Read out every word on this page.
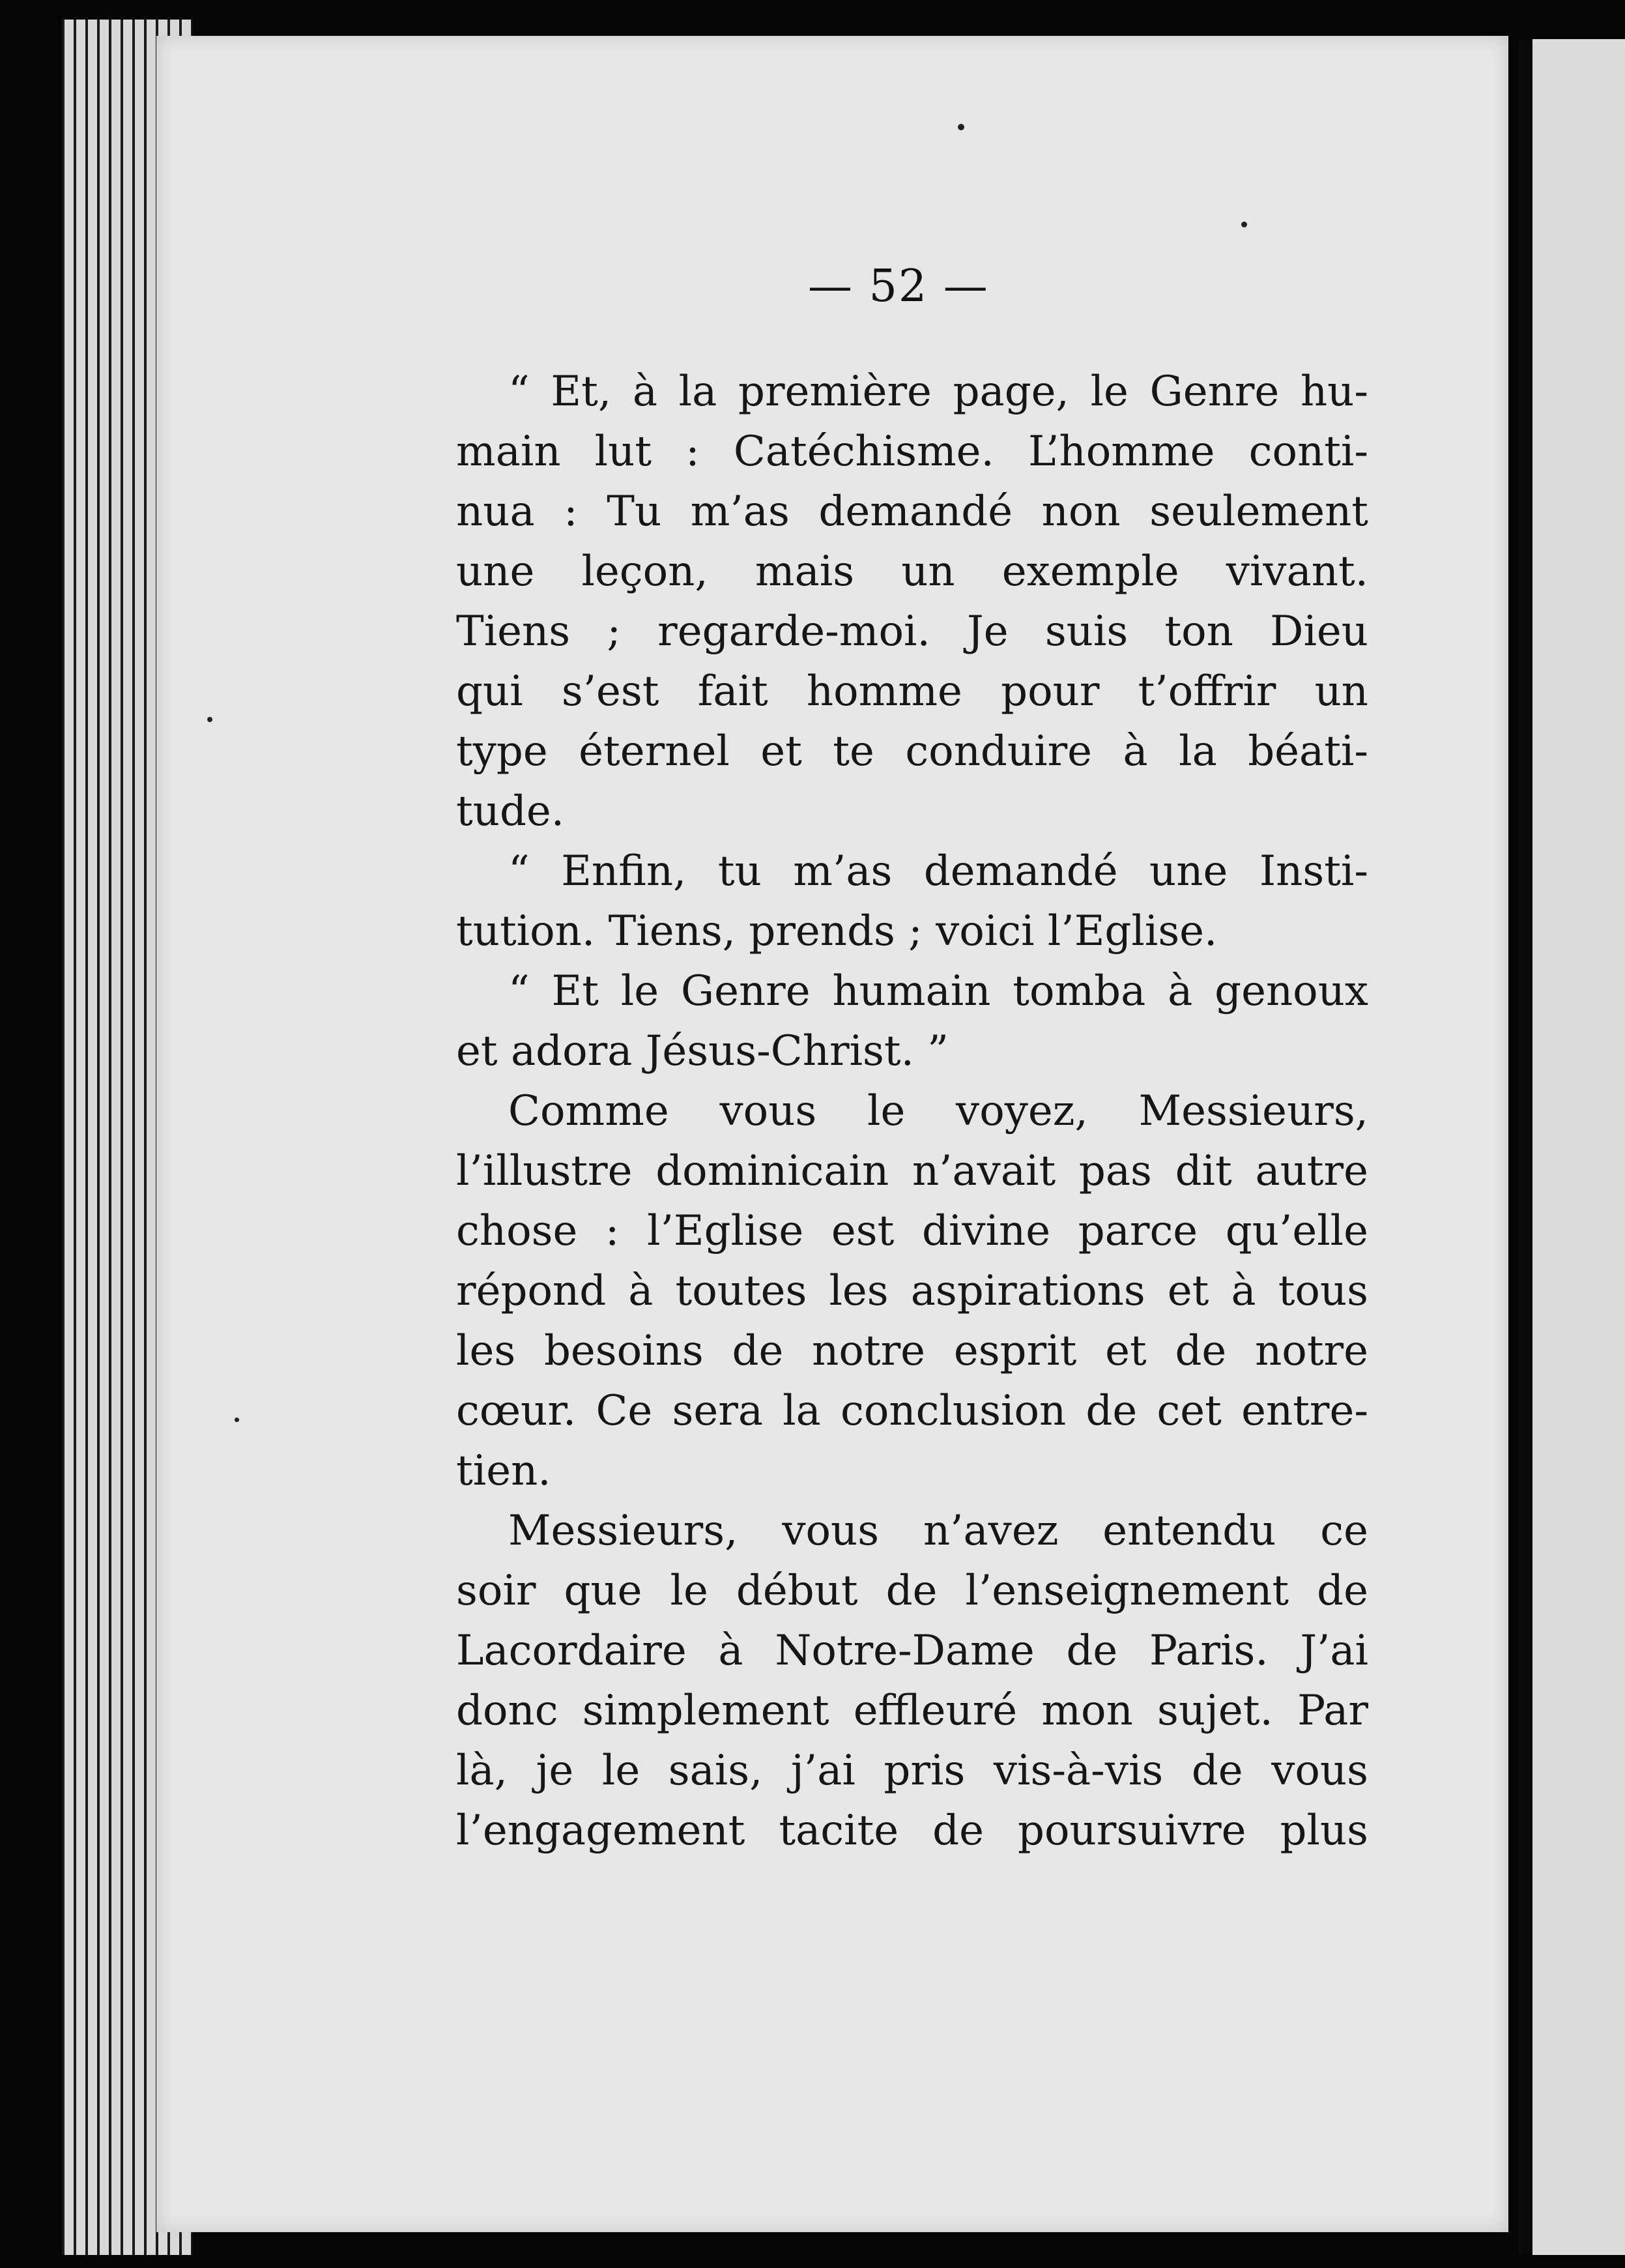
— 52 —
“ Et, à la première page, le Genre hu-
main lut : Catéchisme. L’homme conti-
nua : Tu m’as demandé non seulement
une leçon, mais un exemple vivant.
Tiens ; regarde-moi. Je suis ton Dieu
qui s’est fait homme pour t’offrir un
type éternel et te conduire à la béati-
tude.
“ Enfin, tu m’as demandé une Insti-
tution. Tiens, prends ; voici l’Eglise.
“ Et le Genre humain tomba à genoux
et adora Jésus-Christ. ”
Comme vous le voyez, Messieurs,
l’illustre dominicain n’avait pas dit autre
chose : l’Eglise est divine parce qu’elle
répond à toutes les aspirations et à tous
les besoins de notre esprit et de notre
cœur. Ce sera la conclusion de cet entre-
tien.
Messieurs, vous n’avez entendu ce
soir que le début de l’enseignement de
Lacordaire à Notre-Dame de Paris. J’ai
donc simplement effleuré mon sujet. Par
là, je le sais, j’ai pris vis-à-vis de vous
l’engagement tacite de poursuivre plus
